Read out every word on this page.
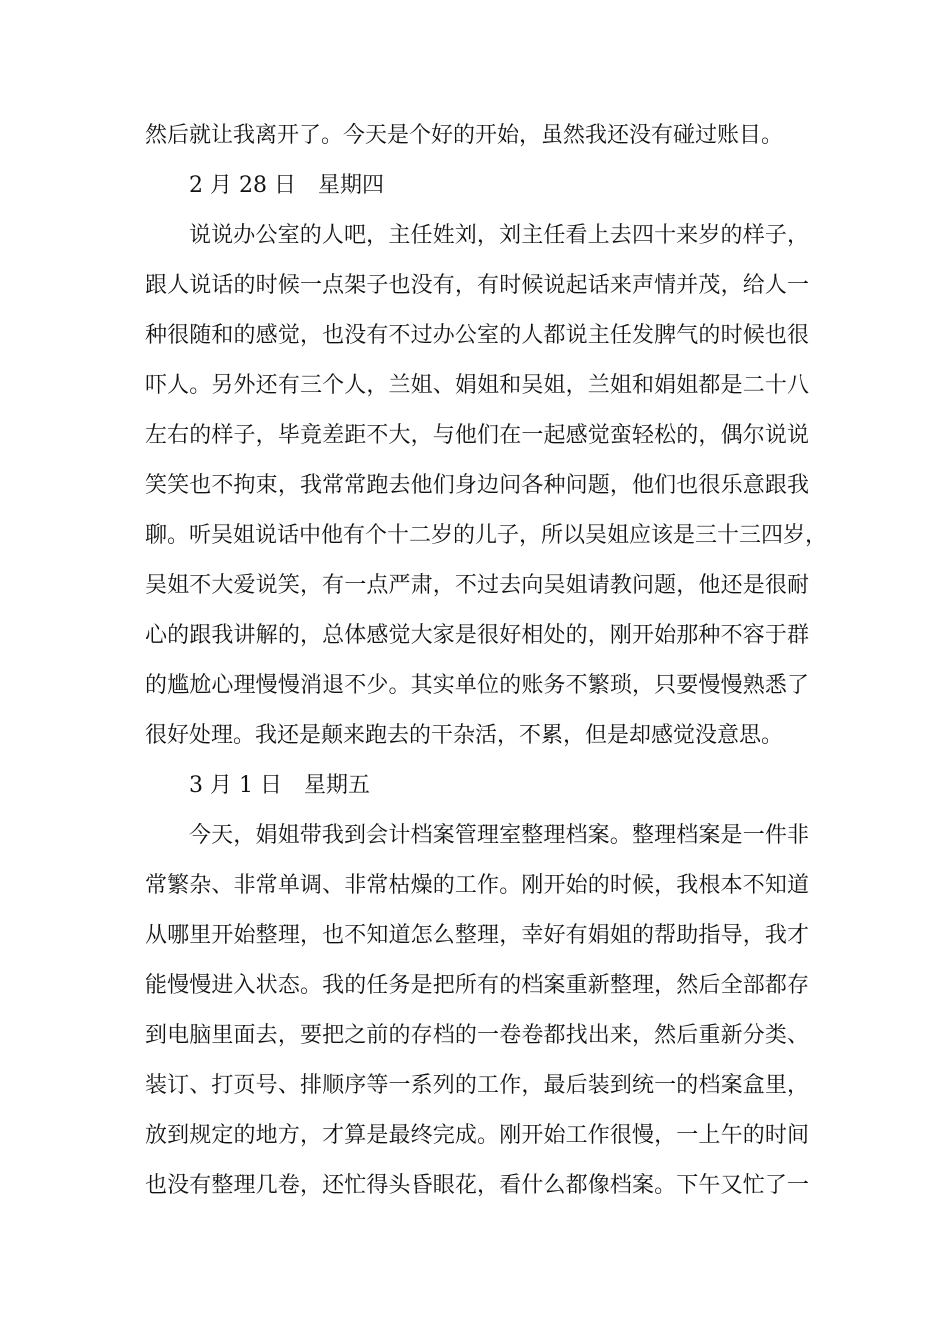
然后就让我离开了。今天是个好的开始，虽然我还没有碰过账目。
2 月 28 日　星期四
说说办公室的人吧，主任姓刘，刘主任看上去四十来岁的样子，
跟人说话的时候一点架子也没有，有时候说起话来声情并茂，给人一
种很随和的感觉，也没有不过办公室的人都说主任发脾气的时候也很
吓人。另外还有三个人，兰姐、娟姐和吴姐，兰姐和娟姐都是二十八
左右的样子，毕竟差距不大，与他们在一起感觉蛮轻松的，偶尔说说
笑笑也不拘束，我常常跑去他们身边问各种问题，他们也很乐意跟我
聊。听吴姐说话中他有个十二岁的儿子，所以吴姐应该是三十三四岁，
吴姐不大爱说笑，有一点严肃，不过去向吴姐请教问题，他还是很耐
心的跟我讲解的，总体感觉大家是很好相处的，刚开始那种不容于群
的尴尬心理慢慢消退不少。其实单位的账务不繁琐，只要慢慢熟悉了
很好处理。我还是颠来跑去的干杂活，不累，但是却感觉没意思。
3 月 1 日　星期五
今天，娟姐带我到会计档案管理室整理档案。整理档案是一件非
常繁杂、非常单调、非常枯燥的工作。刚开始的时候，我根本不知道
从哪里开始整理，也不知道怎么整理，幸好有娟姐的帮助指导，我才
能慢慢进入状态。我的任务是把所有的档案重新整理，然后全部都存
到电脑里面去，要把之前的存档的一卷卷都找出来，然后重新分类、
装订、打页号、排顺序等一系列的工作，最后装到统一的档案盒里，
放到规定的地方，才算是最终完成。刚开始工作很慢，一上午的时间
也没有整理几卷，还忙得头昏眼花，看什么都像档案。下午又忙了一
